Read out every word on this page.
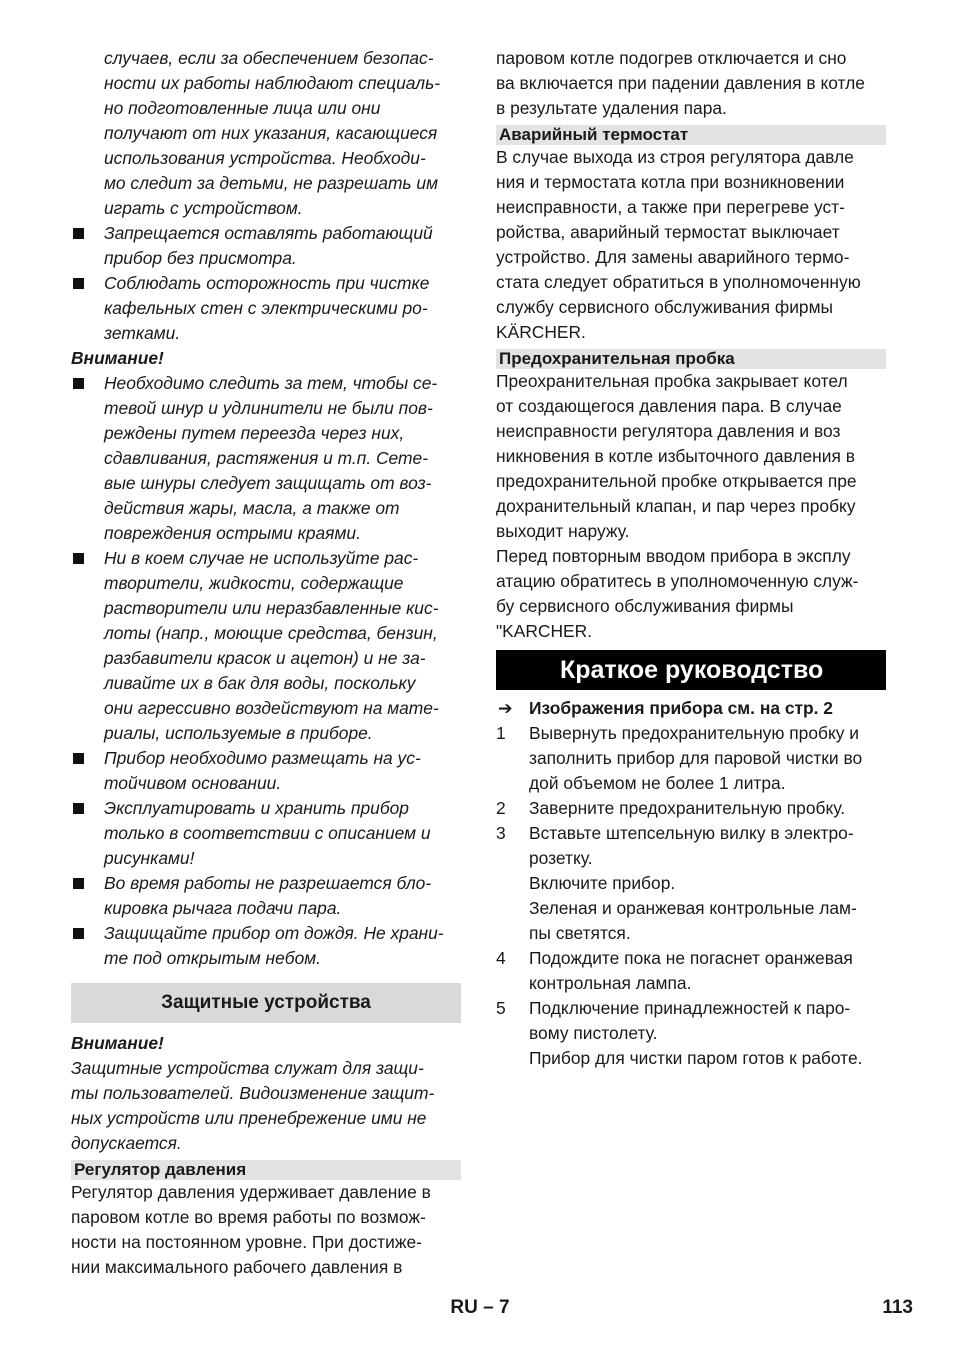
случаев, если за обеспечением безопас-
ности их работы наблюдают специаль-
но подготовленные лица или они
получают от них указания, касающиеся
использования устройства. Необходи-
мо следит за детьми, не разрешать им
играть с устройством.
Запрещается оставлять работающий
прибор без присмотра.
Соблюдать осторожность при чистке
кафельных стен с электрическими ро-
зетками.

Внимание!

Необходимо следить за тем, чтобы се-
тевой шнур и удлинители не были пов-
реждены путем переезда через них,
сдавливания, растяжения и т.п. Сете-
вые шнуры следует защищать от воз-
действия жары, масла, а также от
повреждения острыми краями.
Ни в коем случае не используйте рас-
творители, жидкости, содержащие
растворители или неразбавленные кис-
лоты (напр., моющие средства, бензин,
разбавители красок и ацетон) и не за-
ливайте их в бак для воды, поскольку
они агрессивно воздействуют на мате-
риалы, используемые в приборе.
Прибор необходимо размещать на ус-
тойчивом основании.
Эксплуатировать и хранить прибор
только в соответствии с описанием и
рисунками!
Во время работы не разрешается бло-
кировка рычага подачи пара.
Защищайте прибор от дождя. Не храни-
те под открытым небом.
Защитные устройства

Внимание!

Защитные устройства служат для защи-
ты пользователей. Видоизменение защит-
ных устройств или пренебрежение ими не
допускается.
Регулятор давления
Регулятор давления удерживает давление в
паровом котле во время работы по возмож-
ности на постоянном уровне. При достиже-
нии максимального рабочего давления в
паровом котле подогрев отключается и сно
ва включается при падении давления в котле
в результате удаления пара.
Аварийный термостат
В случае выхода из строя регулятора давле
ния и термостата котла при возникновении
неисправности, а также при перегреве уст-
ройства, аварийный термостат выключает
устройство. Для замены аварийного термо-
стата следует обратиться в уполномоченную
службу сервисного обслуживания фирмы
KÄRCHER.
Предохранительная пробка
Преохранительная пробка закрывает котел
от создающегося давления пара. В случае
неисправности регулятора давления и воз
никновения в котле избыточного давления в
предохранительной пробке открывается пре
дохранительный клапан, и пар через пробку
выходит наружу.
Перед повторным вводом прибора в эксплу
атацию обратитесь в уполномоченную служ-
бу сервисного обслуживания фирмы
"KARCHER.
Краткое руководство
➔ Изображения прибора см. на стр. 2
1 Вывернуть предохранительную пробку и
заполнить прибор для паровой чистки во
дой объемом не более 1 литра.
2 Заверните предохранительную пробку.
3 Вставьте штепсельную вилку в электро-
розетку.
Включите прибор.
Зеленая и оранжевая контрольные лам-
пы светятся.
4 Подождите пока не погаснет оранжевая
контрольная лампа.
5 Подключение принадлежностей к паро-
вому пистолету.
Прибор для чистки паром готов к работе.
RU – 7	113
